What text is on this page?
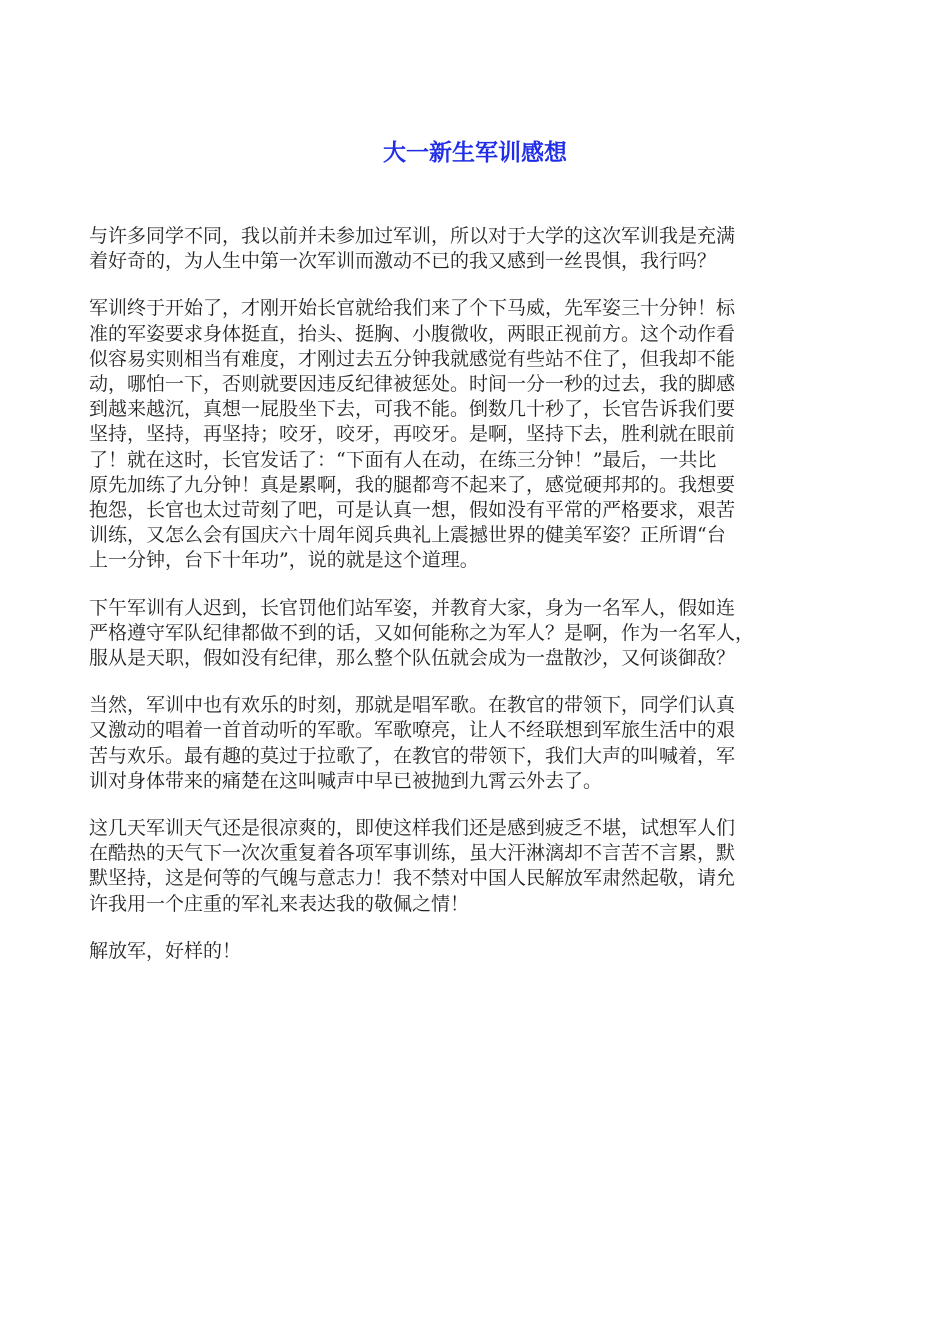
大一新生军训感想

与许多同学不同，我以前并未参加过军训，所以对于大学的这次军训我是充满
着好奇的，为人生中第一次军训而激动不已的我又感到一丝畏惧，我行吗？

军训终于开始了，才刚开始长官就给我们来了个下马威，先军姿三十分钟！标
准的军姿要求身体挺直，抬头、挺胸、小腹微收，两眼正视前方。这个动作看
似容易实则相当有难度，才刚过去五分钟我就感觉有些站不住了，但我却不能
动，哪怕一下，否则就要因违反纪律被惩处。时间一分一秒的过去，我的脚感
到越来越沉，真想一屁股坐下去，可我不能。倒数几十秒了，长官告诉我们要
坚持，坚持，再坚持；咬牙，咬牙，再咬牙。是啊，坚持下去，胜利就在眼前
了！就在这时，长官发话了：“下面有人在动，在练三分钟！”最后，一共比
原先加练了九分钟！真是累啊，我的腿都弯不起来了，感觉硬邦邦的。我想要
抱怨，长官也太过苛刻了吧，可是认真一想，假如没有平常的严格要求，艰苦
训练，又怎么会有国庆六十周年阅兵典礼上震撼世界的健美军姿？正所谓“台
上一分钟，台下十年功”，说的就是这个道理。

下午军训有人迟到，长官罚他们站军姿，并教育大家，身为一名军人，假如连
严格遵守军队纪律都做不到的话，又如何能称之为军人？是啊，作为一名军人，
服从是天职，假如没有纪律，那么整个队伍就会成为一盘散沙，又何谈御敌？

当然，军训中也有欢乐的时刻，那就是唱军歌。在教官的带领下，同学们认真
又激动的唱着一首首动听的军歌。军歌嘹亮，让人不经联想到军旅生活中的艰
苦与欢乐。最有趣的莫过于拉歌了，在教官的带领下，我们大声的叫喊着，军
训对身体带来的痛楚在这叫喊声中早已被抛到九霄云外去了。

这几天军训天气还是很凉爽的，即使这样我们还是感到疲乏不堪，试想军人们
在酷热的天气下一次次重复着各项军事训练，虽大汗淋漓却不言苦不言累，默
默坚持，这是何等的气魄与意志力！我不禁对中国人民解放军肃然起敬，请允
许我用一个庄重的军礼来表达我的敬佩之情！

解放军，好样的！
